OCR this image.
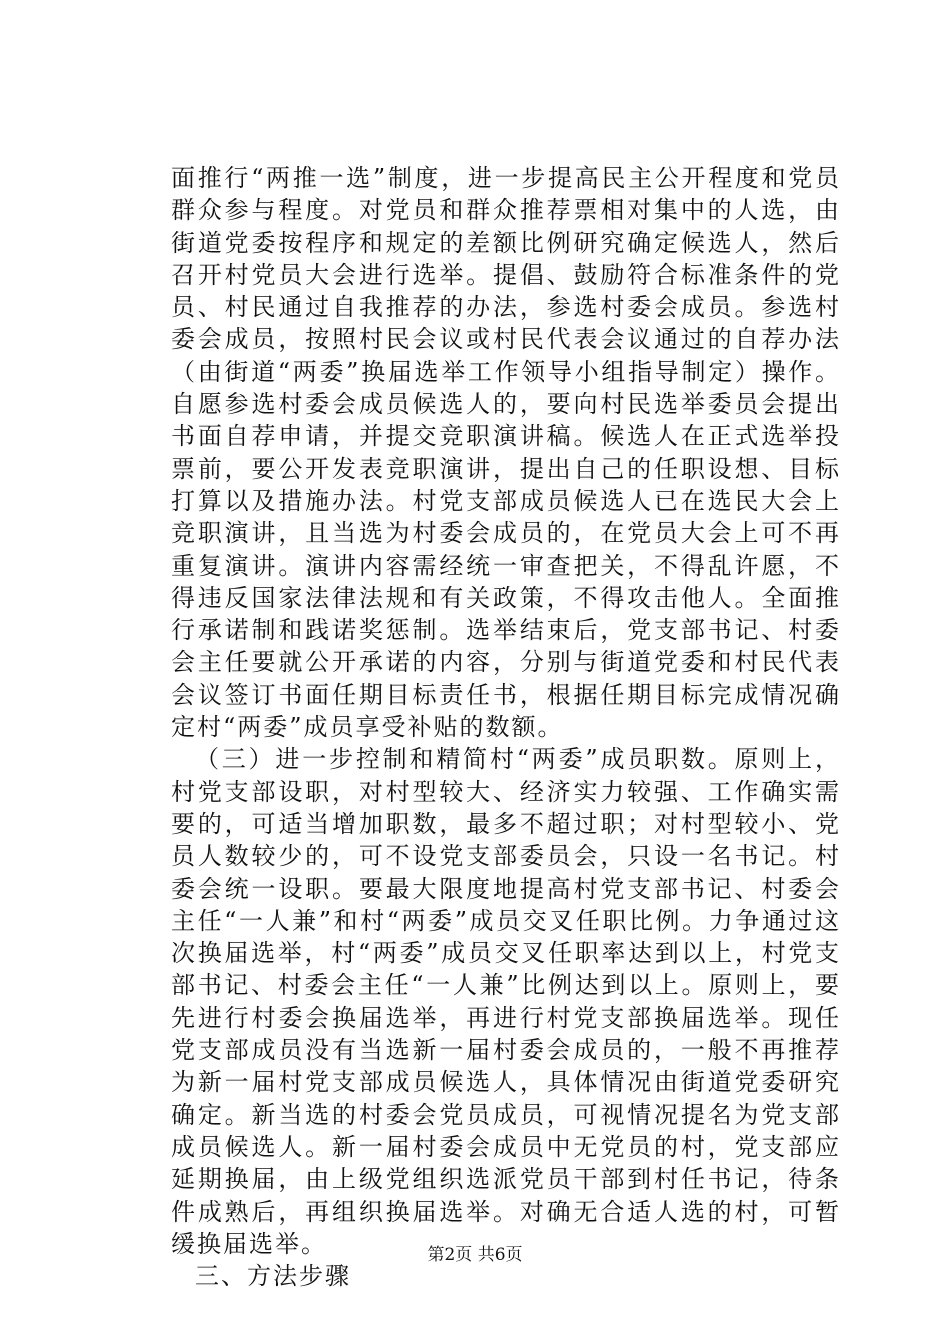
面推行“两推一选”制度，进一步提高民主公开程度和党员群众参与程度。对党员和群众推荐票相对集中的人选，由街道党委按程序和规定的差额比例研究确定候选人，然后召开村党员大会进行选举。提倡、鼓励符合标准条件的党员、村民通过自我推荐的办法，参选村委会成员。参选村委会成员，按照村民会议或村民代表会议通过的自荐办法（由街道“两委”换届选举工作领导小组指导制定）操作。自愿参选村委会成员候选人的，要向村民选举委员会提出书面自荐申请，并提交竞职演讲稿。候选人在正式选举投票前，要公开发表竞职演讲，提出自己的任职设想、目标打算以及措施办法。村党支部成员候选人已在选民大会上竞职演讲，且当选为村委会成员的，在党员大会上可不再重复演讲。演讲内容需经统一审查把关，不得乱许愿，不得违反国家法律法规和有关政策，不得攻击他人。全面推行承诺制和践诺奖惩制。选举结束后，党支部书记、村委会主任要就公开承诺的内容，分别与街道党委和村民代表会议签订书面任期目标责任书，根据任期目标完成情况确定村“两委”成员享受补贴的数额。

（三）进一步控制和精简村“两委”成员职数。原则上，村党支部设职，对村型较大、经济实力较强、工作确实需要的，可适当增加职数，最多不超过职；对村型较小、党员人数较少的，可不设党支部委员会，只设一名书记。村委会统一设职。要最大限度地提高村党支部书记、村委会主任“一人兼”和村“两委”成员交叉任职比例。力争通过这次换届选举，村“两委”成员交叉任职率达到以上，村党支部书记、村委会主任“一人兼”比例达到以上。原则上，要先进行村委会换届选举，再进行村党支部换届选举。现任党支部成员没有当选新一届村委会成员的，一般不再推荐为新一届村党支部成员候选人，具体情况由街道党委研究确定。新当选的村委会党员成员，可视情况提名为党支部成员候选人。新一届村委会成员中无党员的村，党支部应延期换届，由上级党组织选派党员干部到村任书记，待条件成熟后，再组织换届选举。对确无合适人选的村，可暂缓换届选举。

三、方法步骤

第2页 共6页
